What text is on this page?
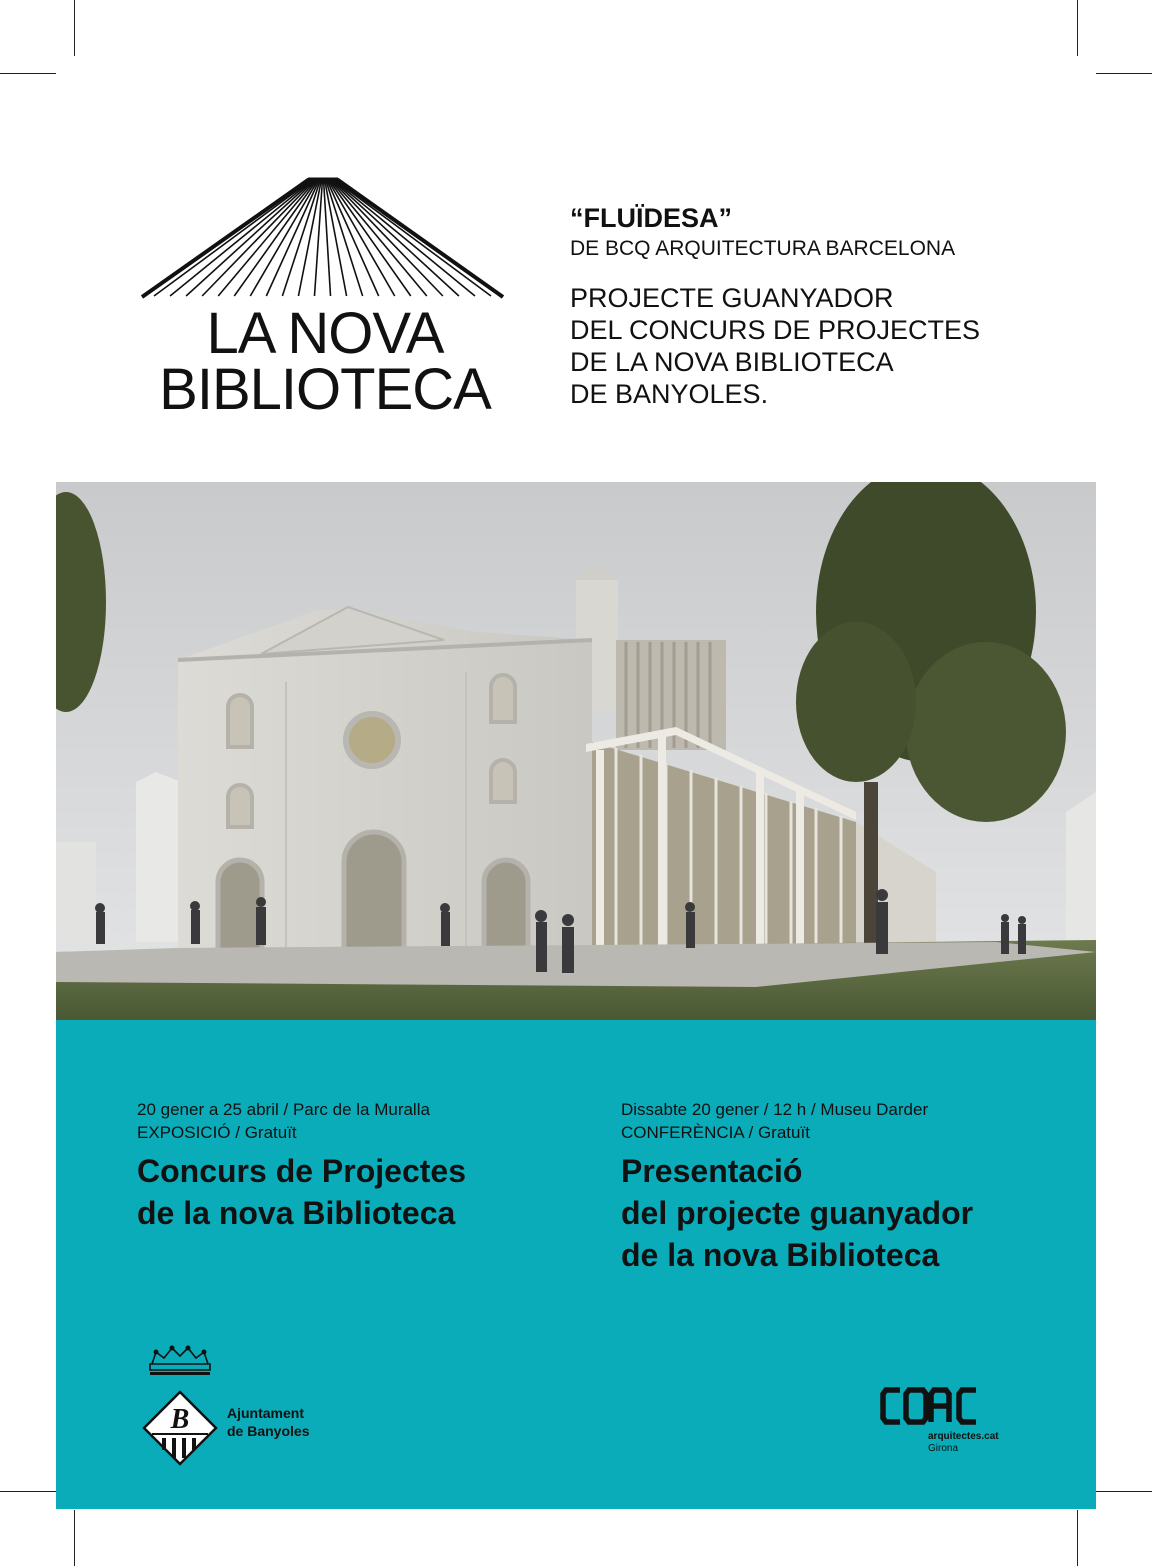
LA NOVA
BIBLIOTECA
“FLUÏDESA”
DE BCQ ARQUITECTURA BARCELONA
PROJECTE GUANYADOR
DEL CONCURS DE PROJECTES
DE LA NOVA BIBLIOTECA
DE BANYOLES.
20 gener a 25 abril / Parc de la Muralla
EXPOSICIÓ / Gratuït
Concurs de Projectes
de la nova Biblioteca
Dissabte 20 gener / 12 h / Museu Darder
CONFERÈNCIA / Gratuït
Presentació
del projecte guanyador
de la nova Biblioteca
B	Ajuntament
de Banyoles	arquitectes.cat
Girona
